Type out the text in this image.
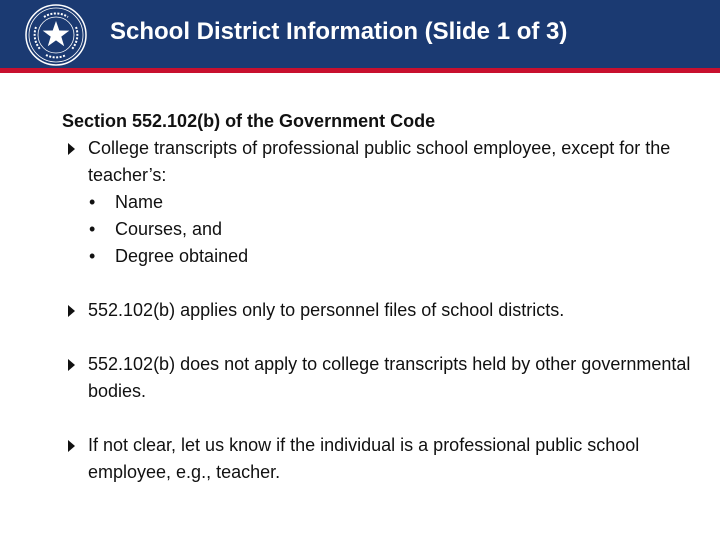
School District Information (Slide 1 of 3)
Section 552.102(b) of the Government Code
College transcripts of professional public school employee, except for the teacher’s:
• Name
• Courses, and
• Degree obtained
552.102(b) applies only to personnel files of school districts.
552.102(b) does not apply to college transcripts held by other governmental bodies.
If not clear, let us know if the individual is a professional public school employee, e.g., teacher.
